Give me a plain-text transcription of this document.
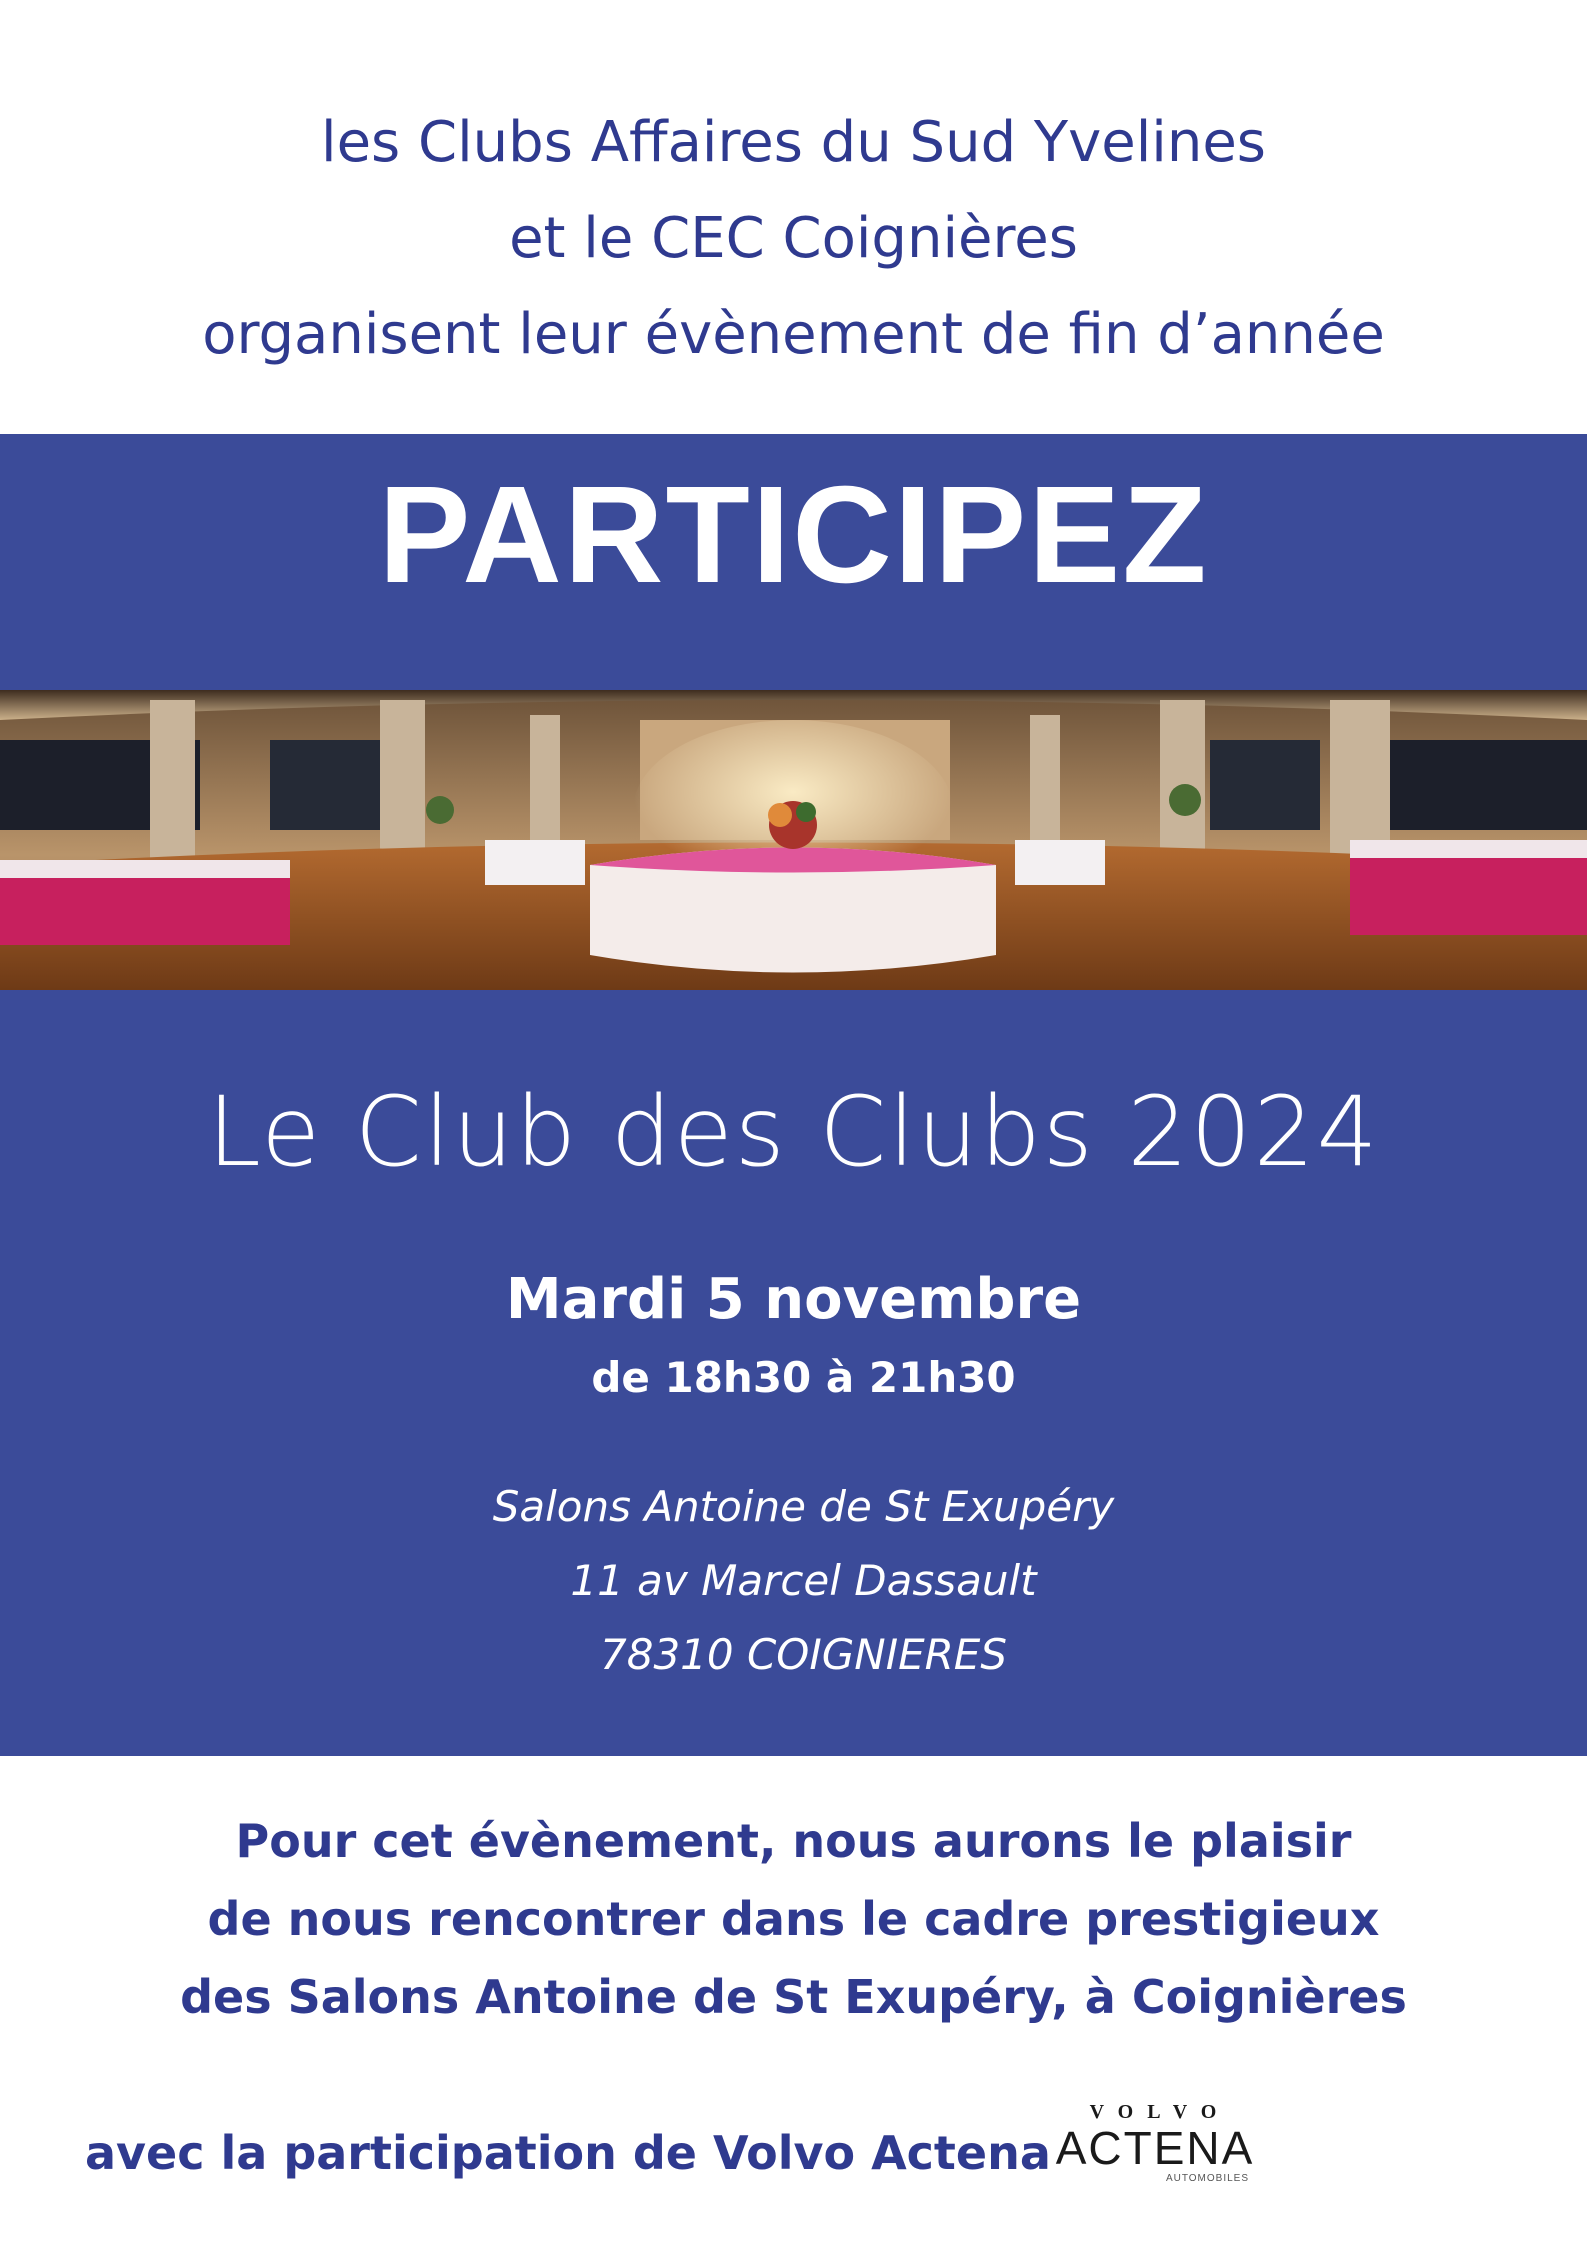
les Clubs Affaires du Sud Yvelines
et le CEC Coignières
organisent leur évènement de fin d’année
PARTICIPEZ
Le Club des Clubs 2024
Mardi 5 novembre
de 18h30 à 21h30
Salons Antoine de St Exupéry
11 av Marcel Dassault
78310 COIGNIERES
Pour cet évènement, nous aurons le plaisir
de nous rencontrer dans le cadre prestigieux
des Salons Antoine de St Exupéry, à Coignières
avec la participation de Volvo Actena
VOLVO
ACTENA
AUTOMOBILES
